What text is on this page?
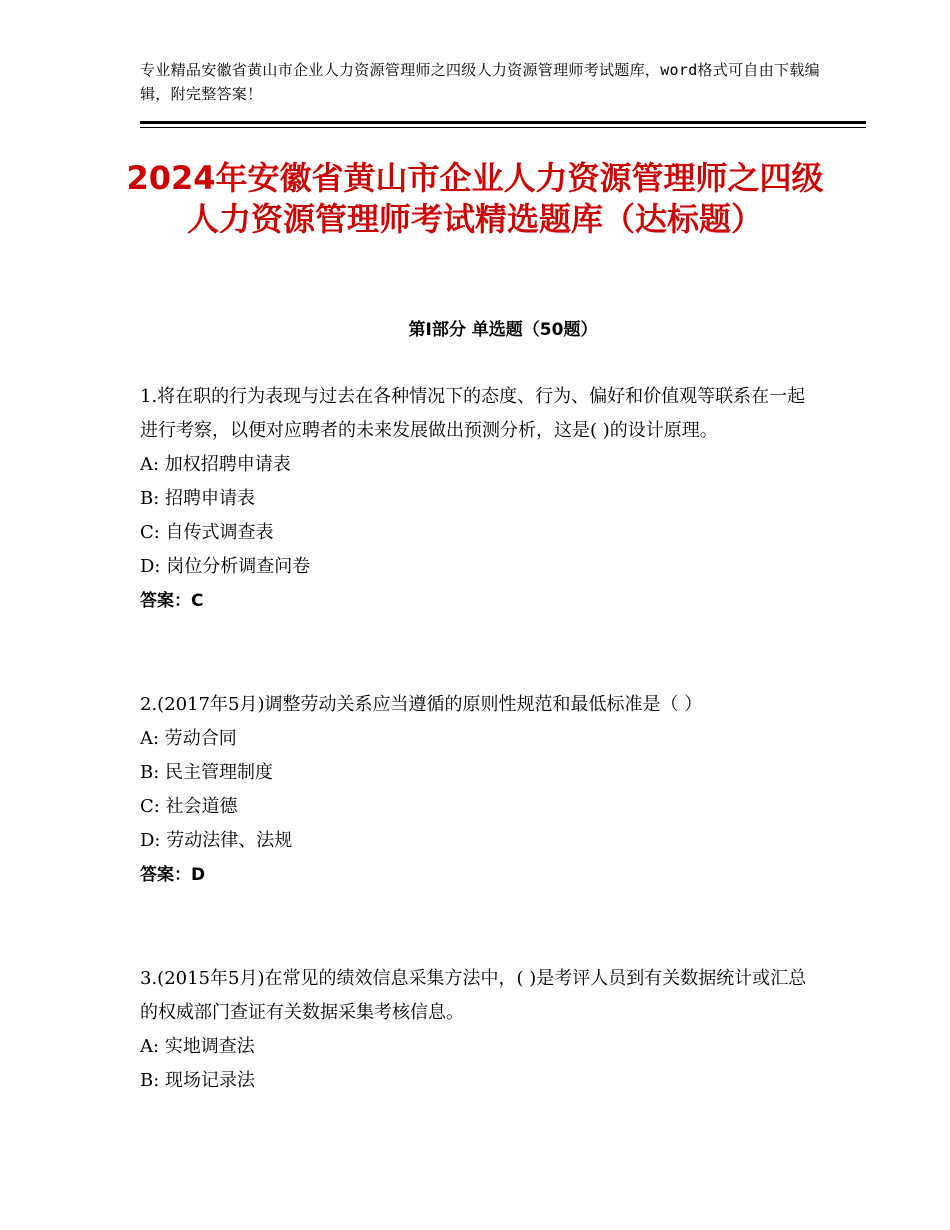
专业精品安徽省黄山市企业人力资源管理师之四级人力资源管理师考试题库，word格式可自由下载编辑，附完整答案！
2024年安徽省黄山市企业人力资源管理师之四级人力资源管理师考试精选题库（达标题）
第Ⅰ部分 单选题（50题）
1.将在职的行为表现与过去在各种情况下的态度、行为、偏好和价值观等联系在一起进行考察，以便对应聘者的未来发展做出预测分析，这是( )的设计原理。
A: 加权招聘申请表
B: 招聘申请表
C: 自传式调查表
D: 岗位分析调查问卷
答案：C
2.(2017年5月)调整劳动关系应当遵循的原则性规范和最低标准是（ ）
A: 劳动合同
B: 民主管理制度
C: 社会道德
D: 劳动法律、法规
答案：D
3.(2015年5月)在常见的绩效信息采集方法中，( )是考评人员到有关数据统计或汇总的权威部门查证有关数据采集考核信息。
A: 实地调查法
B: 现场记录法
